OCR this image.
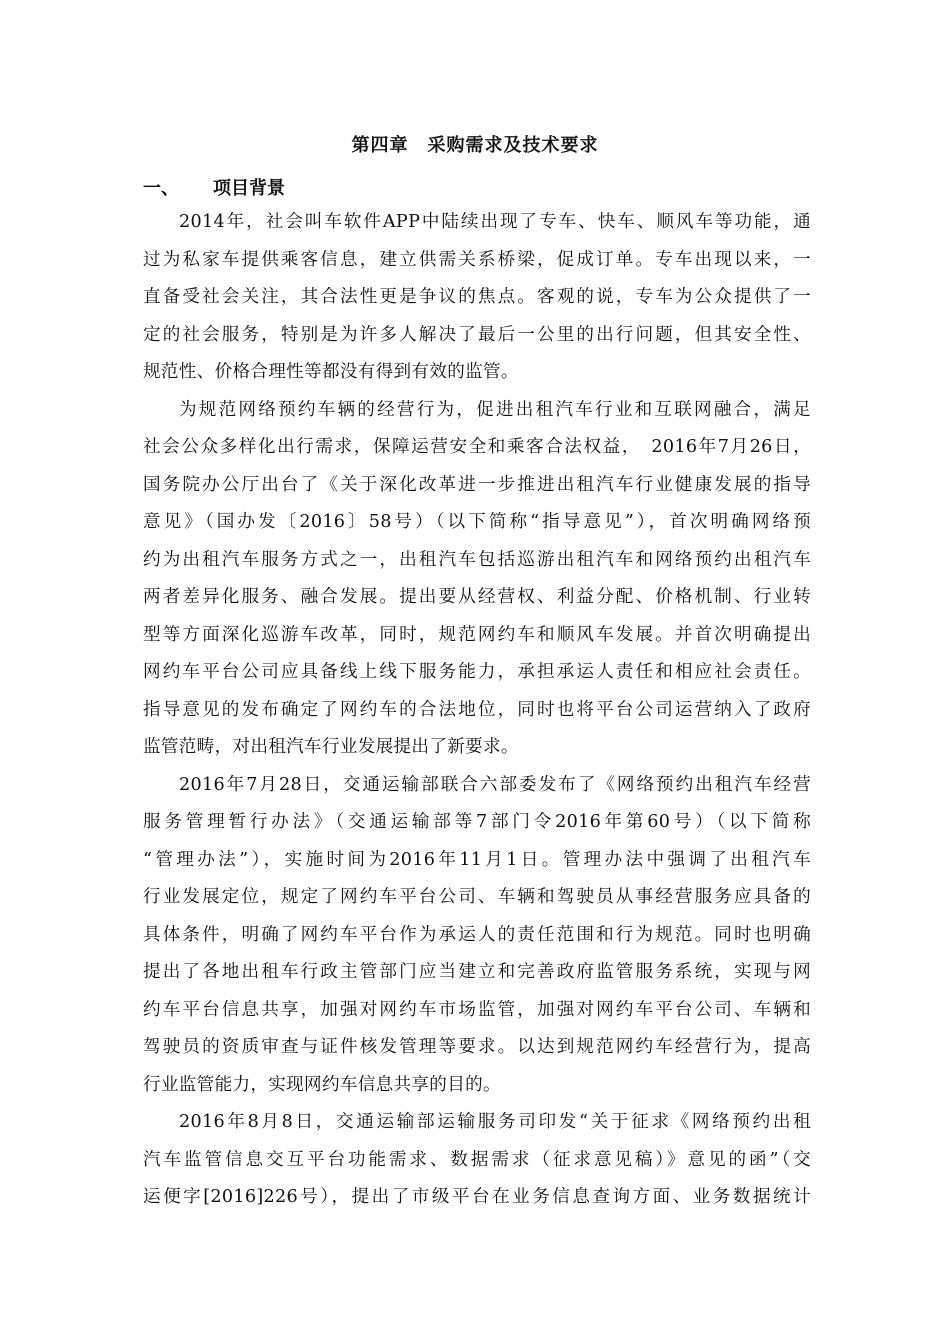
第四章　采购需求及技术要求
一、 项目背景
2014年，社会叫车软件APP中陆续出现了专车、快车、顺风车等功能，通
过为私家车提供乘客信息，建立供需关系桥梁，促成订单。专车出现以来，一
直备受社会关注，其合法性更是争议的焦点。客观的说，专车为公众提供了一
定的社会服务，特别是为许多人解决了最后一公里的出行问题，但其安全性、
规范性、价格合理性等都没有得到有效的监管。
为规范网络预约车辆的经营行为，促进出租汽车行业和互联网融合，满足
社会公众多样化出行需求，保障运营安全和乘客合法权益，　2016年7月26日，
国务院办公厅出台了《关于深化改革进一步推进出租汽车行业健康发展的指导
意见》（国办发〔2016〕58号）（以下简称“指导意见”），首次明确网络预
约为出租汽车服务方式之一，出租汽车包括巡游出租汽车和网络预约出租汽车
两者差异化服务、融合发展。提出要从经营权、利益分配、价格机制、行业转
型等方面深化巡游车改革，同时，规范网约车和顺风车发展。并首次明确提出
网约车平台公司应具备线上线下服务能力，承担承运人责任和相应社会责任。
指导意见的发布确定了网约车的合法地位，同时也将平台公司运营纳入了政府
监管范畴，对出租汽车行业发展提出了新要求。
2016年7月28日，交通运输部联合六部委发布了《网络预约出租汽车经营
服务管理暂行办法》（交通运输部等7部门令2016年第60号）（以下简称
“管理办法”），实施时间为2016年11月1日。管理办法中强调了出租汽车
行业发展定位，规定了网约车平台公司、车辆和驾驶员从事经营服务应具备的
具体条件，明确了网约车平台作为承运人的责任范围和行为规范。同时也明确
提出了各地出租车行政主管部门应当建立和完善政府监管服务系统，实现与网
约车平台信息共享，加强对网约车市场监管，加强对网约车平台公司、车辆和
驾驶员的资质审查与证件核发管理等要求。以达到规范网约车经营行为，提高
行业监管能力，实现网约车信息共享的目的。
2016年8月8日，交通运输部运输服务司印发“关于征求《网络预约出租
汽车监管信息交互平台功能需求、数据需求（征求意见稿）》意见的函”（交
运便字[2016]226号），提出了市级平台在业务信息查询方面、业务数据统计
